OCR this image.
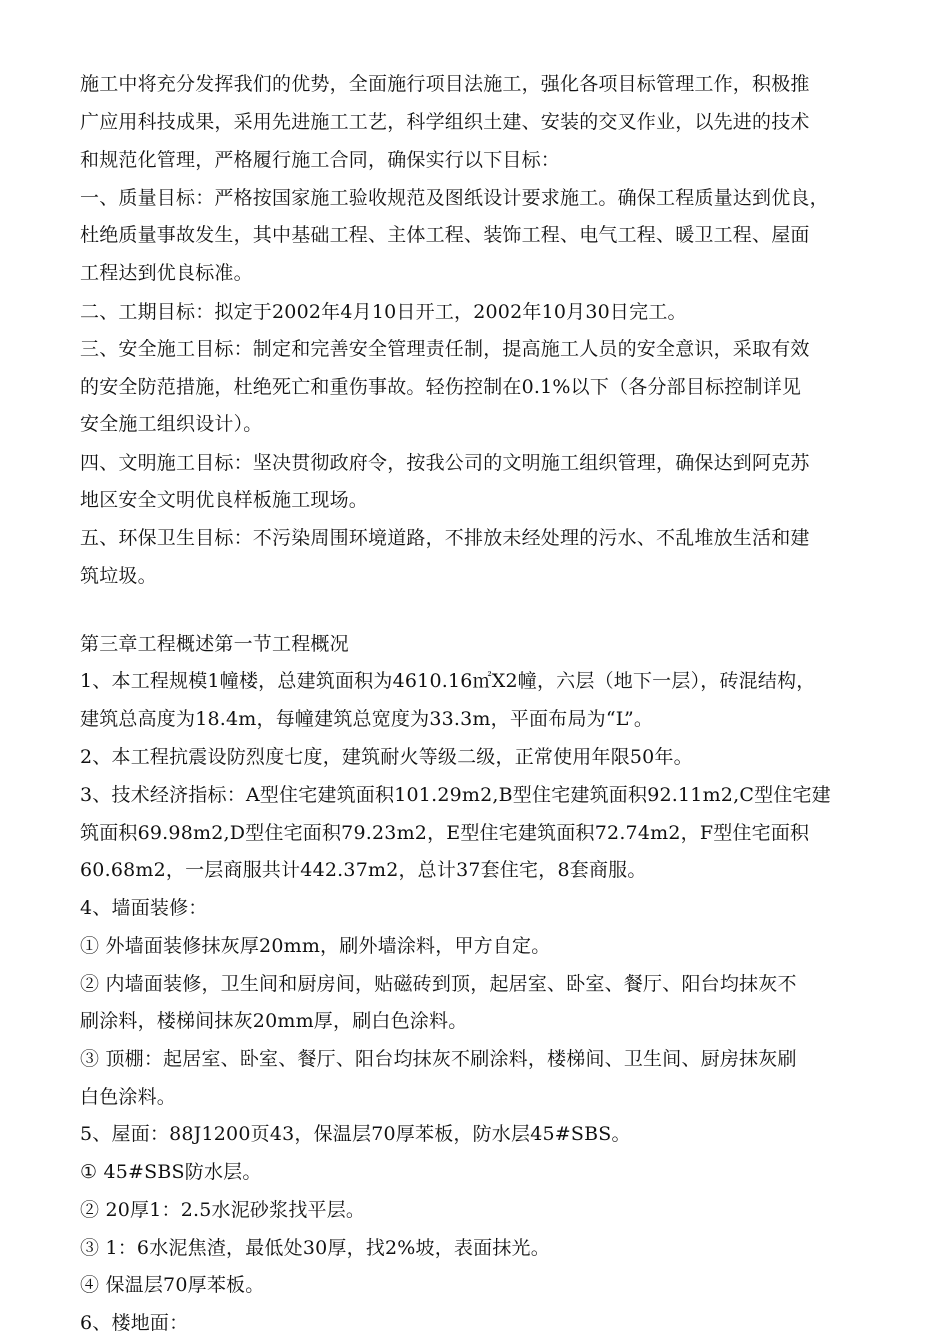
施工中将充分发挥我们的优势，全面施行项目法施工，强化各项目标管理工作，积极推
广应用科技成果，采用先进施工工艺，科学组织土建、安装的交叉作业，以先进的技术
和规范化管理，严格履行施工合同，确保实行以下目标：
一、质量目标：严格按国家施工验收规范及图纸设计要求施工。确保工程质量达到优良，
杜绝质量事故发生，其中基础工程、主体工程、装饰工程、电气工程、暖卫工程、屋面
工程达到优良标准。
二、工期目标：拟定于2002年4月10日开工，2002年10月30日完工。
三、安全施工目标：制定和完善安全管理责任制，提高施工人员的安全意识，采取有效
的安全防范措施，杜绝死亡和重伤事故。轻伤控制在0.1%以下（各分部目标控制详见
安全施工组织设计）。
四、文明施工目标：坚决贯彻政府令，按我公司的文明施工组织管理，确保达到阿克苏
地区安全文明优良样板施工现场。
五、环保卫生目标：不污染周围环境道路，不排放未经处理的污水、不乱堆放生活和建
筑垃圾。
第三章工程概述第一节工程概况
1、本工程规模1幢楼，总建筑面积为4610.16㎡X2幢，六层（地下一层），砖混结构，
建筑总高度为18.4m，每幢建筑总宽度为33.3m，平面布局为“L”。
2、本工程抗震设防烈度七度，建筑耐火等级二级，正常使用年限50年。
3、技术经济指标：A型住宅建筑面积101.29m2,B型住宅建筑面积92.11m2,C型住宅建
筑面积69.98m2,D型住宅面积79.23m2，E型住宅建筑面积72.74m2，F型住宅面积
60.68m2，一层商服共计442.37m2，总计37套住宅，8套商服。
4、墙面装修：
① 外墙面装修抹灰厚20mm，刷外墙涂料，甲方自定。
② 内墙面装修，卫生间和厨房间，贴磁砖到顶，起居室、卧室、餐厅、阳台均抹灰不
刷涂料，楼梯间抹灰20mm厚，刷白色涂料。
③ 顶棚：起居室、卧室、餐厅、阳台均抹灰不刷涂料，楼梯间、卫生间、厨房抹灰刷
白色涂料。
5、屋面：88J1200页43，保温层70厚苯板，防水层45#SBS。
① 45#SBS防水层。
② 20厚1：2.5水泥砂浆找平层。
③ 1：6水泥焦渣，最低处30厚，找2%坡，表面抹光。
④ 保温层70厚苯板。
6、楼地面：
